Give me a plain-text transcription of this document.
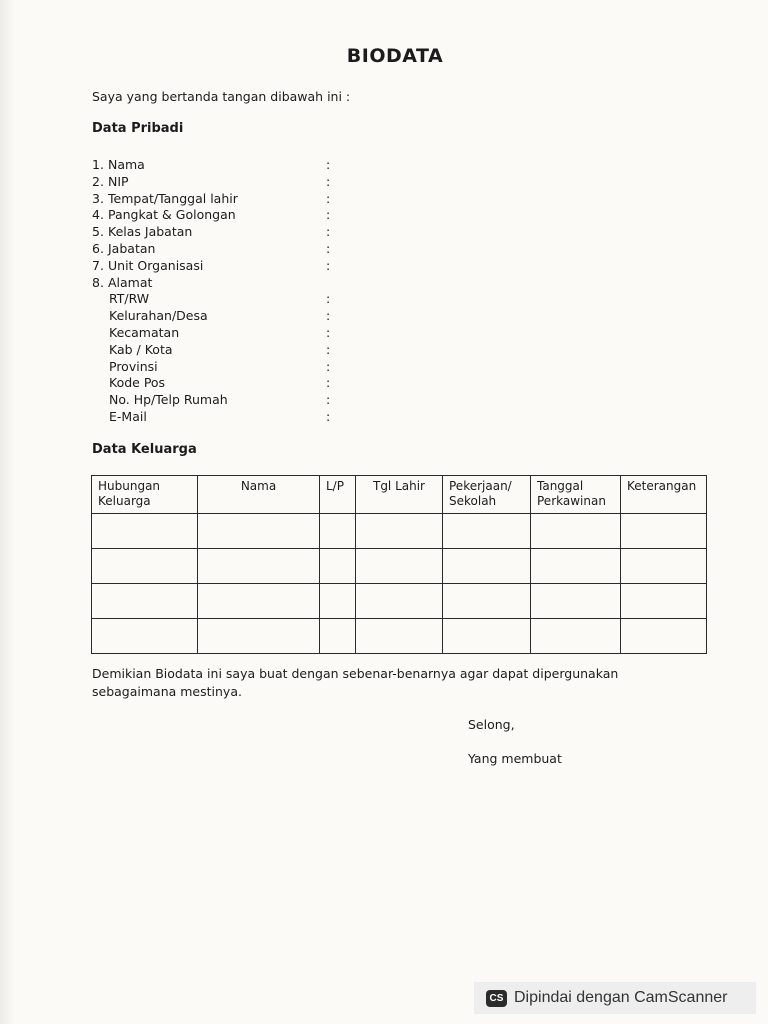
BIODATA
Saya yang bertanda tangan dibawah ini :
Data Pribadi
1. Nama	:
2. NIP	:
3. Tempat/Tanggal lahir	:
4. Pangkat & Golongan	:
5. Kelas Jabatan	:
6. Jabatan	:
7. Unit Organisasi	:
8. Alamat
RT/RW	:
Kelurahan/Desa	:
Kecamatan	:
Kab / Kota	:
Provinsi	:
Kode Pos	:
No. Hp/Telp Rumah	:
E-Mail	:
Data Keluarga
Hubungan Keluarga	Nama	L/P	Tgl Lahir	Pekerjaan/ Sekolah	Tanggal Perkawinan	Keterangan

Demikian Biodata ini saya buat dengan sebenar-benarnya agar dapat dipergunakan sebagaimana mestinya.
Selong,
Yang membuat
CS Dipindai dengan CamScanner
